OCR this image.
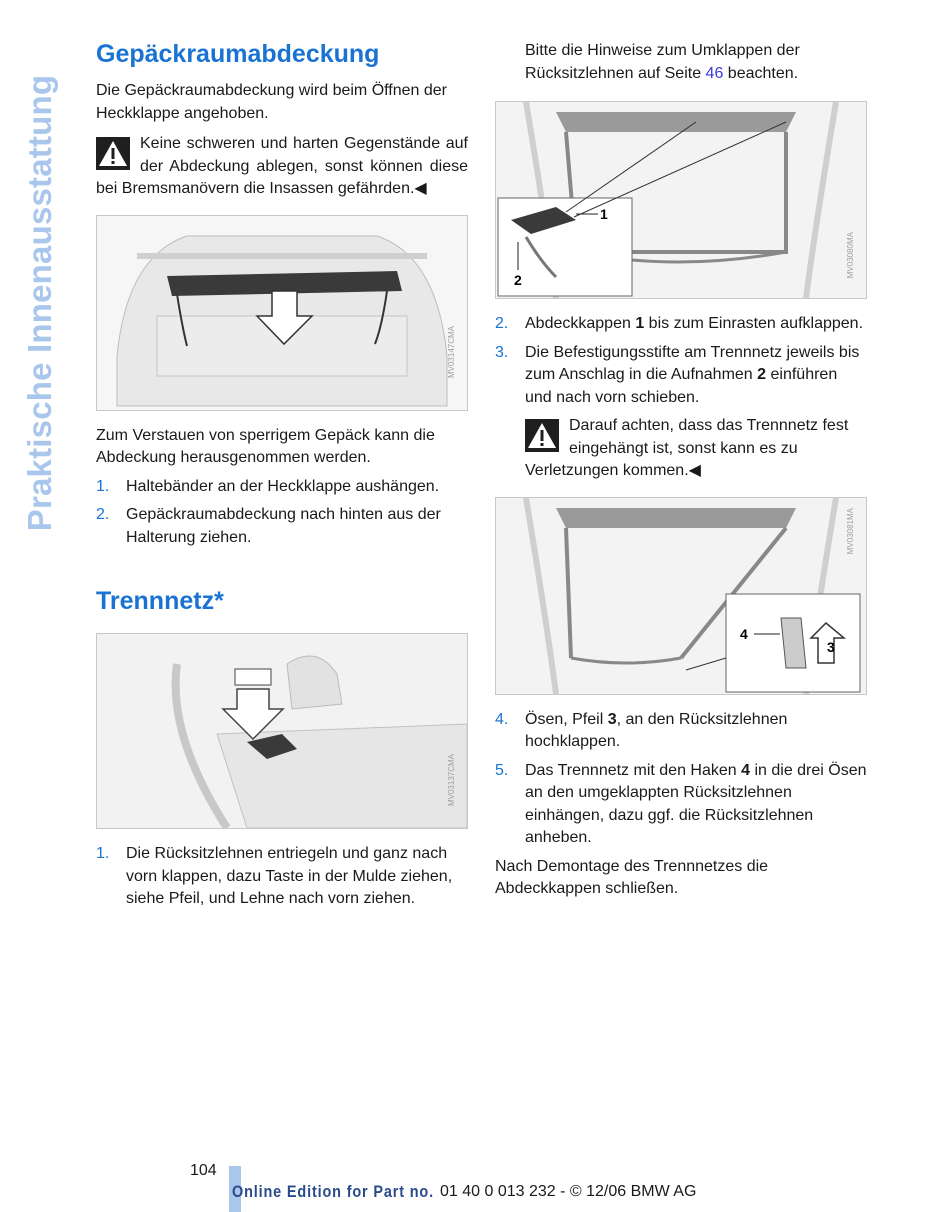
Praktische Innenausstattung
Gepäckraumabdeckung

Die Gepäckraumabdeckung wird beim Öffnen der Heckklappe angehoben.

Keine schweren und harten Gegenstände auf der Abdeckung ablegen, sonst können diese bei Bremsmanövern die Insassen gefährden.◀

MV03147CMA

Zum Verstauen von sperrigem Gepäck kann die Abdeckung herausgenommen werden.

1. Haltebänder an der Heckklappe aushängen.
2. Gepäckraumabdeckung nach hinten aus der Halterung ziehen.
Trennnetz*
MV03137CMA
1. Die Rücksitzlehnen entriegeln und ganz nach vorn klappen, dazu Taste in der Mulde ziehen, siehe Pfeil, und Lehne nach vorn ziehen.

Bitte die Hinweise zum Umklappen der Rücksitzlehnen auf Seite 46 beachten.

1
2
MV03080MA
2. Abdeckkappen 1 bis zum Einrasten aufklappen.
3. Die Befestigungsstifte am Trennnetz jeweils bis zum Anschlag in die Aufnahmen 2 einführen und nach vorn schieben.

Darauf achten, dass das Trennnetz fest eingehängt ist, sonst kann es zu Verletzungen kommen.◀

4
3
MV03081MA
4. Ösen, Pfeil 3, an den Rücksitzlehnen hochklappen.
5. Das Trennnetz mit den Haken 4 in die drei Ösen an den umgeklappten Rücksitzlehnen einhängen, dazu ggf. die Rücksitzlehnen anheben.

Nach Demontage des Trennnetzes die Abdeckkappen schließen.

104
Online Edition for Part no. 01 40 0 013 232 - © 12/06 BMW AG
